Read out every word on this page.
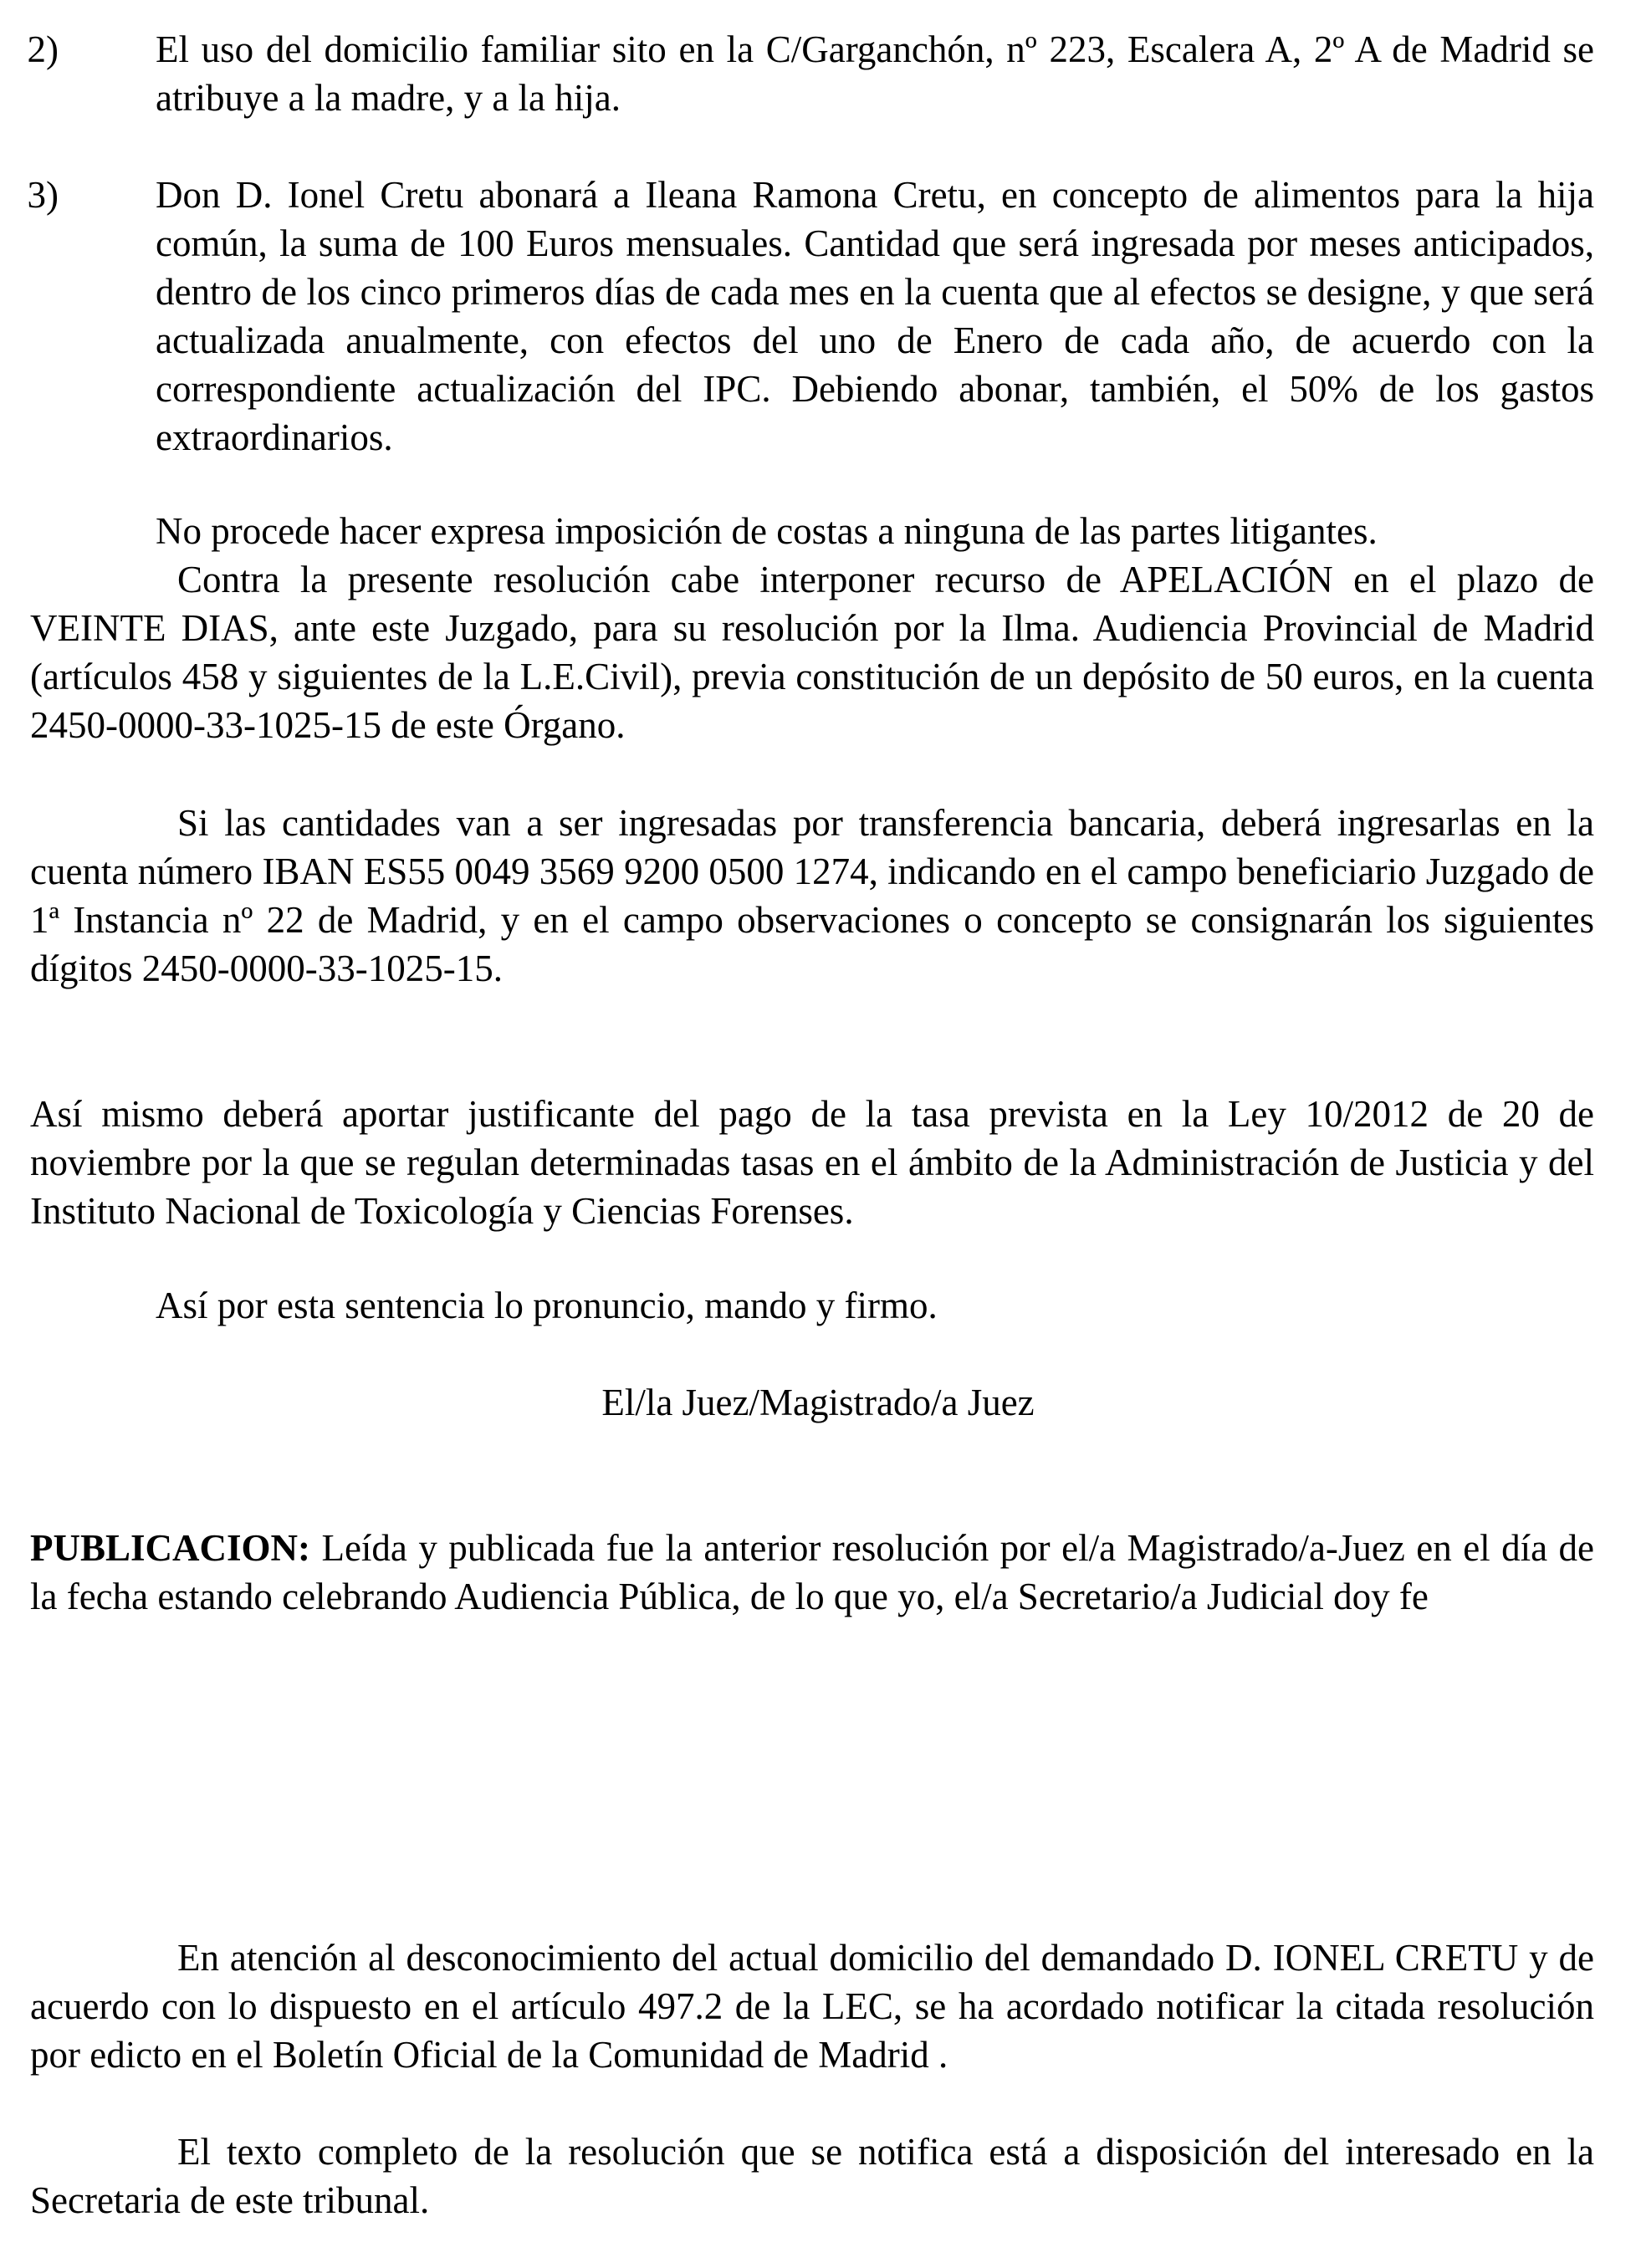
2)	El uso del domicilio familiar sito en la C/Garganchón, nº 223, Escalera A, 2º A de Madrid se atribuye a la madre, y a la hija.
3)	Don D. Ionel Cretu abonará a Ileana Ramona Cretu, en concepto de alimentos para la hija común, la suma de 100 Euros mensuales. Cantidad que será ingresada por meses anticipados, dentro de los cinco primeros días de cada mes en la cuenta que al efectos se designe, y que será actualizada anualmente, con efectos del uno de Enero de cada año, de acuerdo con la correspondiente actualización del IPC. Debiendo abonar, también, el 50% de los gastos extraordinarios.

No procede hacer expresa imposición de costas a ninguna de las partes litigantes.

Contra la presente resolución cabe interponer recurso de APELACIÓN en el plazo de VEINTE DIAS, ante este Juzgado, para su resolución por la Ilma. Audiencia Provincial de Madrid (artículos 458 y siguientes de la L.E.Civil), previa constitución de un depósito de 50 euros, en la cuenta 2450-0000-33-1025-15 de este Órgano.

Si las cantidades van a ser ingresadas por transferencia bancaria, deberá ingresarlas en la cuenta número IBAN ES55 0049 3569 9200 0500 1274, indicando en el campo beneficiario Juzgado de 1ª Instancia nº 22 de Madrid, y en el campo observaciones o concepto se consignarán los siguientes dígitos 2450-0000-33-1025-15.

Así mismo deberá aportar justificante del pago de la tasa prevista en la Ley 10/2012 de 20 de noviembre por la que se regulan determinadas tasas en el ámbito de la Administración de Justicia y del Instituto Nacional de Toxicología y Ciencias Forenses.

Así por esta sentencia lo pronuncio, mando y firmo.

El/la Juez/Magistrado/a Juez

PUBLICACION: Leída y publicada fue la anterior resolución por el/a Magistrado/a-Juez en el día de la fecha estando celebrando Audiencia Pública, de lo que yo, el/a Secretario/a Judicial doy fe

En atención al desconocimiento del actual domicilio del demandado D. IONEL CRETU y de acuerdo con lo dispuesto en el artículo 497.2 de la LEC, se ha acordado notificar la citada resolución por edicto en el Boletín Oficial de la Comunidad de Madrid .

El texto completo de la resolución que se notifica está a disposición del interesado en la Secretaria de este tribunal.
